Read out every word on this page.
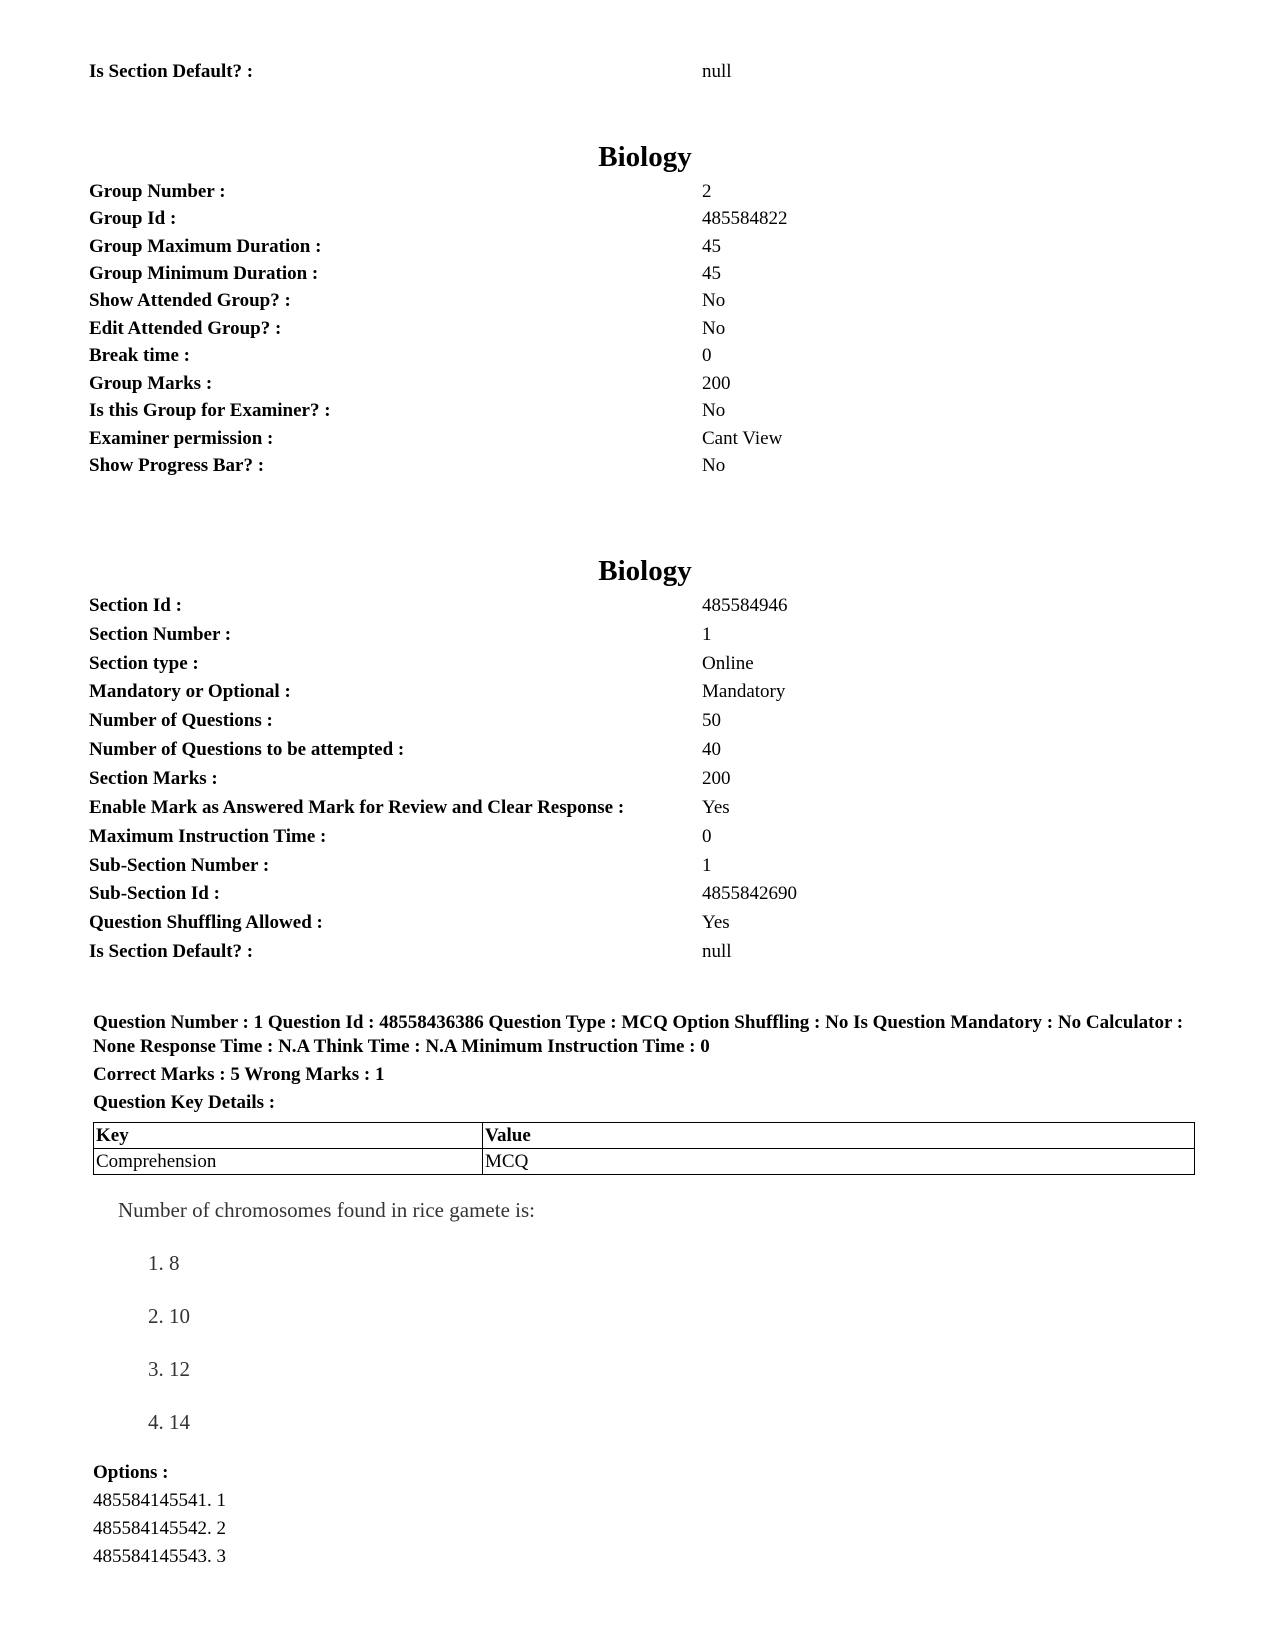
Is Section Default? :	null
Biology
Group Number :	2
Group Id :	485584822
Group Maximum Duration :	45
Group Minimum Duration :	45
Show Attended Group? :	No
Edit Attended Group? :	No
Break time :	0
Group Marks :	200
Is this Group for Examiner? :	No
Examiner permission :	Cant View
Show Progress Bar? :	No
Biology
Section Id :	485584946
Section Number :	1
Section type :	Online
Mandatory or Optional :	Mandatory
Number of Questions :	50
Number of Questions to be attempted :	40
Section Marks :	200
Enable Mark as Answered Mark for Review and Clear Response :	Yes
Maximum Instruction Time :	0
Sub-Section Number :	1
Sub-Section Id :	4855842690
Question Shuffling Allowed :	Yes
Is Section Default? :	null
Question Number : 1 Question Id : 48558436386 Question Type : MCQ Option Shuffling : No Is Question Mandatory : No Calculator : None Response Time : N.A Think Time : N.A Minimum Instruction Time : 0
Correct Marks : 5 Wrong Marks : 1
Question Key Details :
Key	Value
Comprehension	MCQ
Number of chromosomes found in rice gamete is:
1. 8
2. 10
3. 12
4. 14
Options :
485584145541. 1
485584145542. 2
485584145543. 3
